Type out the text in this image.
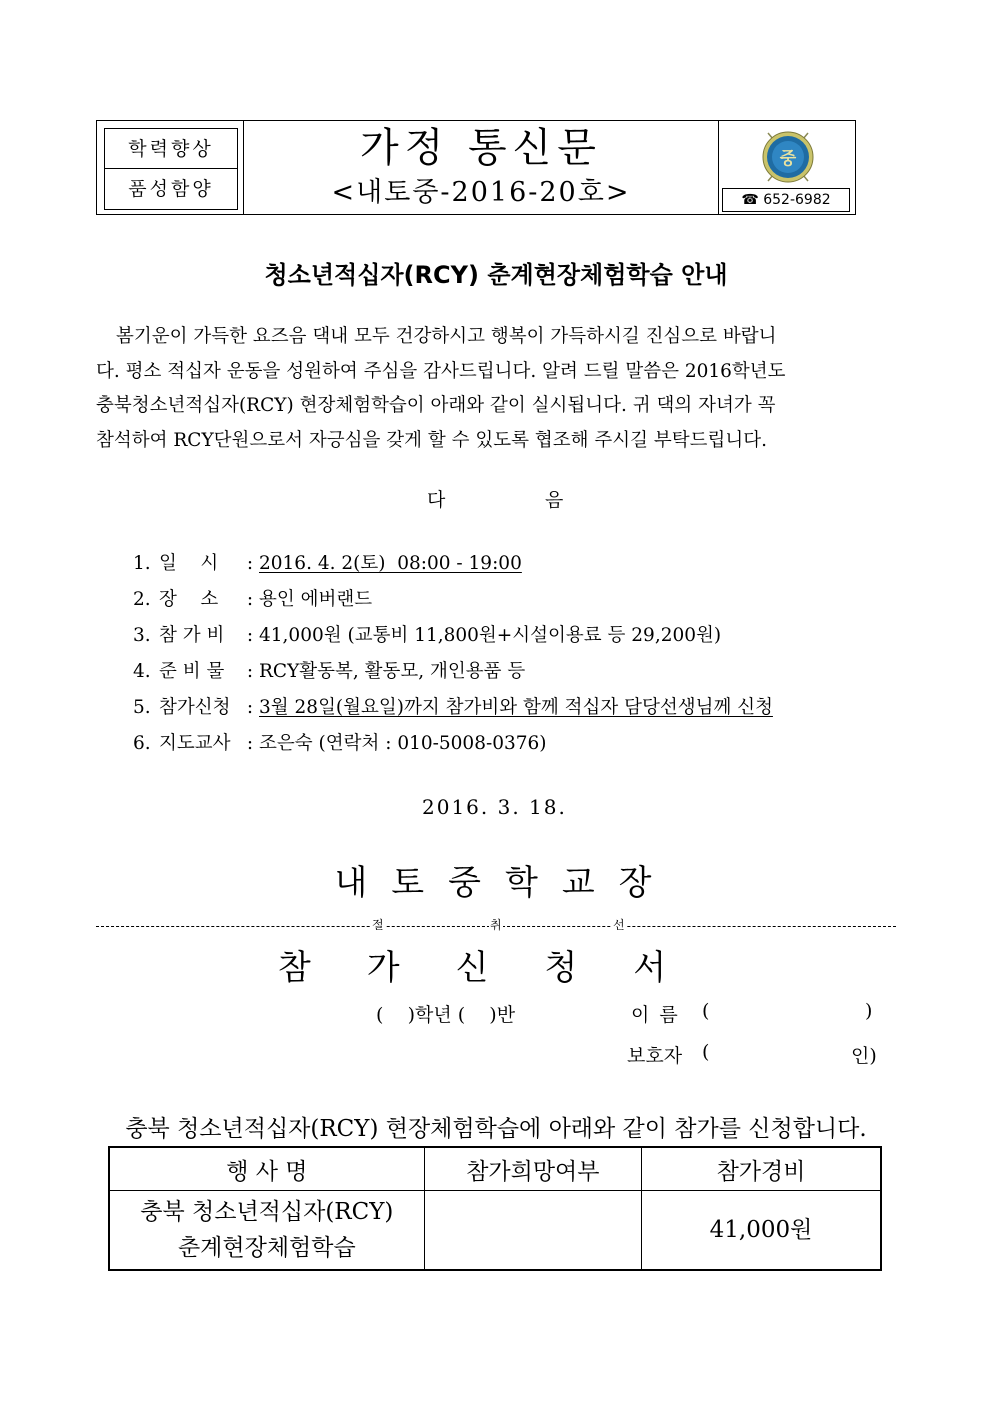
학력향상
품성함양
가정 통신문
<내토중-2016-20호>
중
☎ 652-6982
청소년적십자(RCY) 춘계현장체험학습 안내
봄기운이 가득한 요즈음 댁내 모두 건강하시고 행복이 가득하시길 진심으로 바랍니
다. 평소 적십자 운동을 성원하여 주심을 감사드립니다. 알려 드릴 말씀은 2016학년도
충북청소년적십자(RCY) 현장체험학습이 아래와 같이 실시됩니다. 귀 댁의 자녀가 꼭
참석하여 RCY단원으로서 자긍심을 갖게 할 수 있도록 협조해 주시길 부탁드립니다.
다	음
1. 일    시 : 2016. 4. 2(토)  08:00 - 19:00
2. 장    소 : 용인 에버랜드
3. 참 가 비 : 41,000원 (교통비 11,800원+시설이용료 등 29,200원)
4. 준 비 물 : RCY활동복, 활동모, 개인용품 등
5. 참가신청 : 3월 28일(월요일)까지 참가비와 함께 적십자 담당선생님께 신청
6. 지도교사 : 조은숙 (연락처 : 010-5008-0376)
2016. 3. 18.
내토중학교장
절	취	선
참가신청서
(    )학년 (    )반	이름 (	)
보호자 (	인)
충북 청소년적십자(RCY) 현장체험학습에 아래와 같이 참가를 신청합니다.
행 사 명	참가희망여부	참가경비

충북 청소년적십자(RCY)
춘계현장체험학습		41,000원
